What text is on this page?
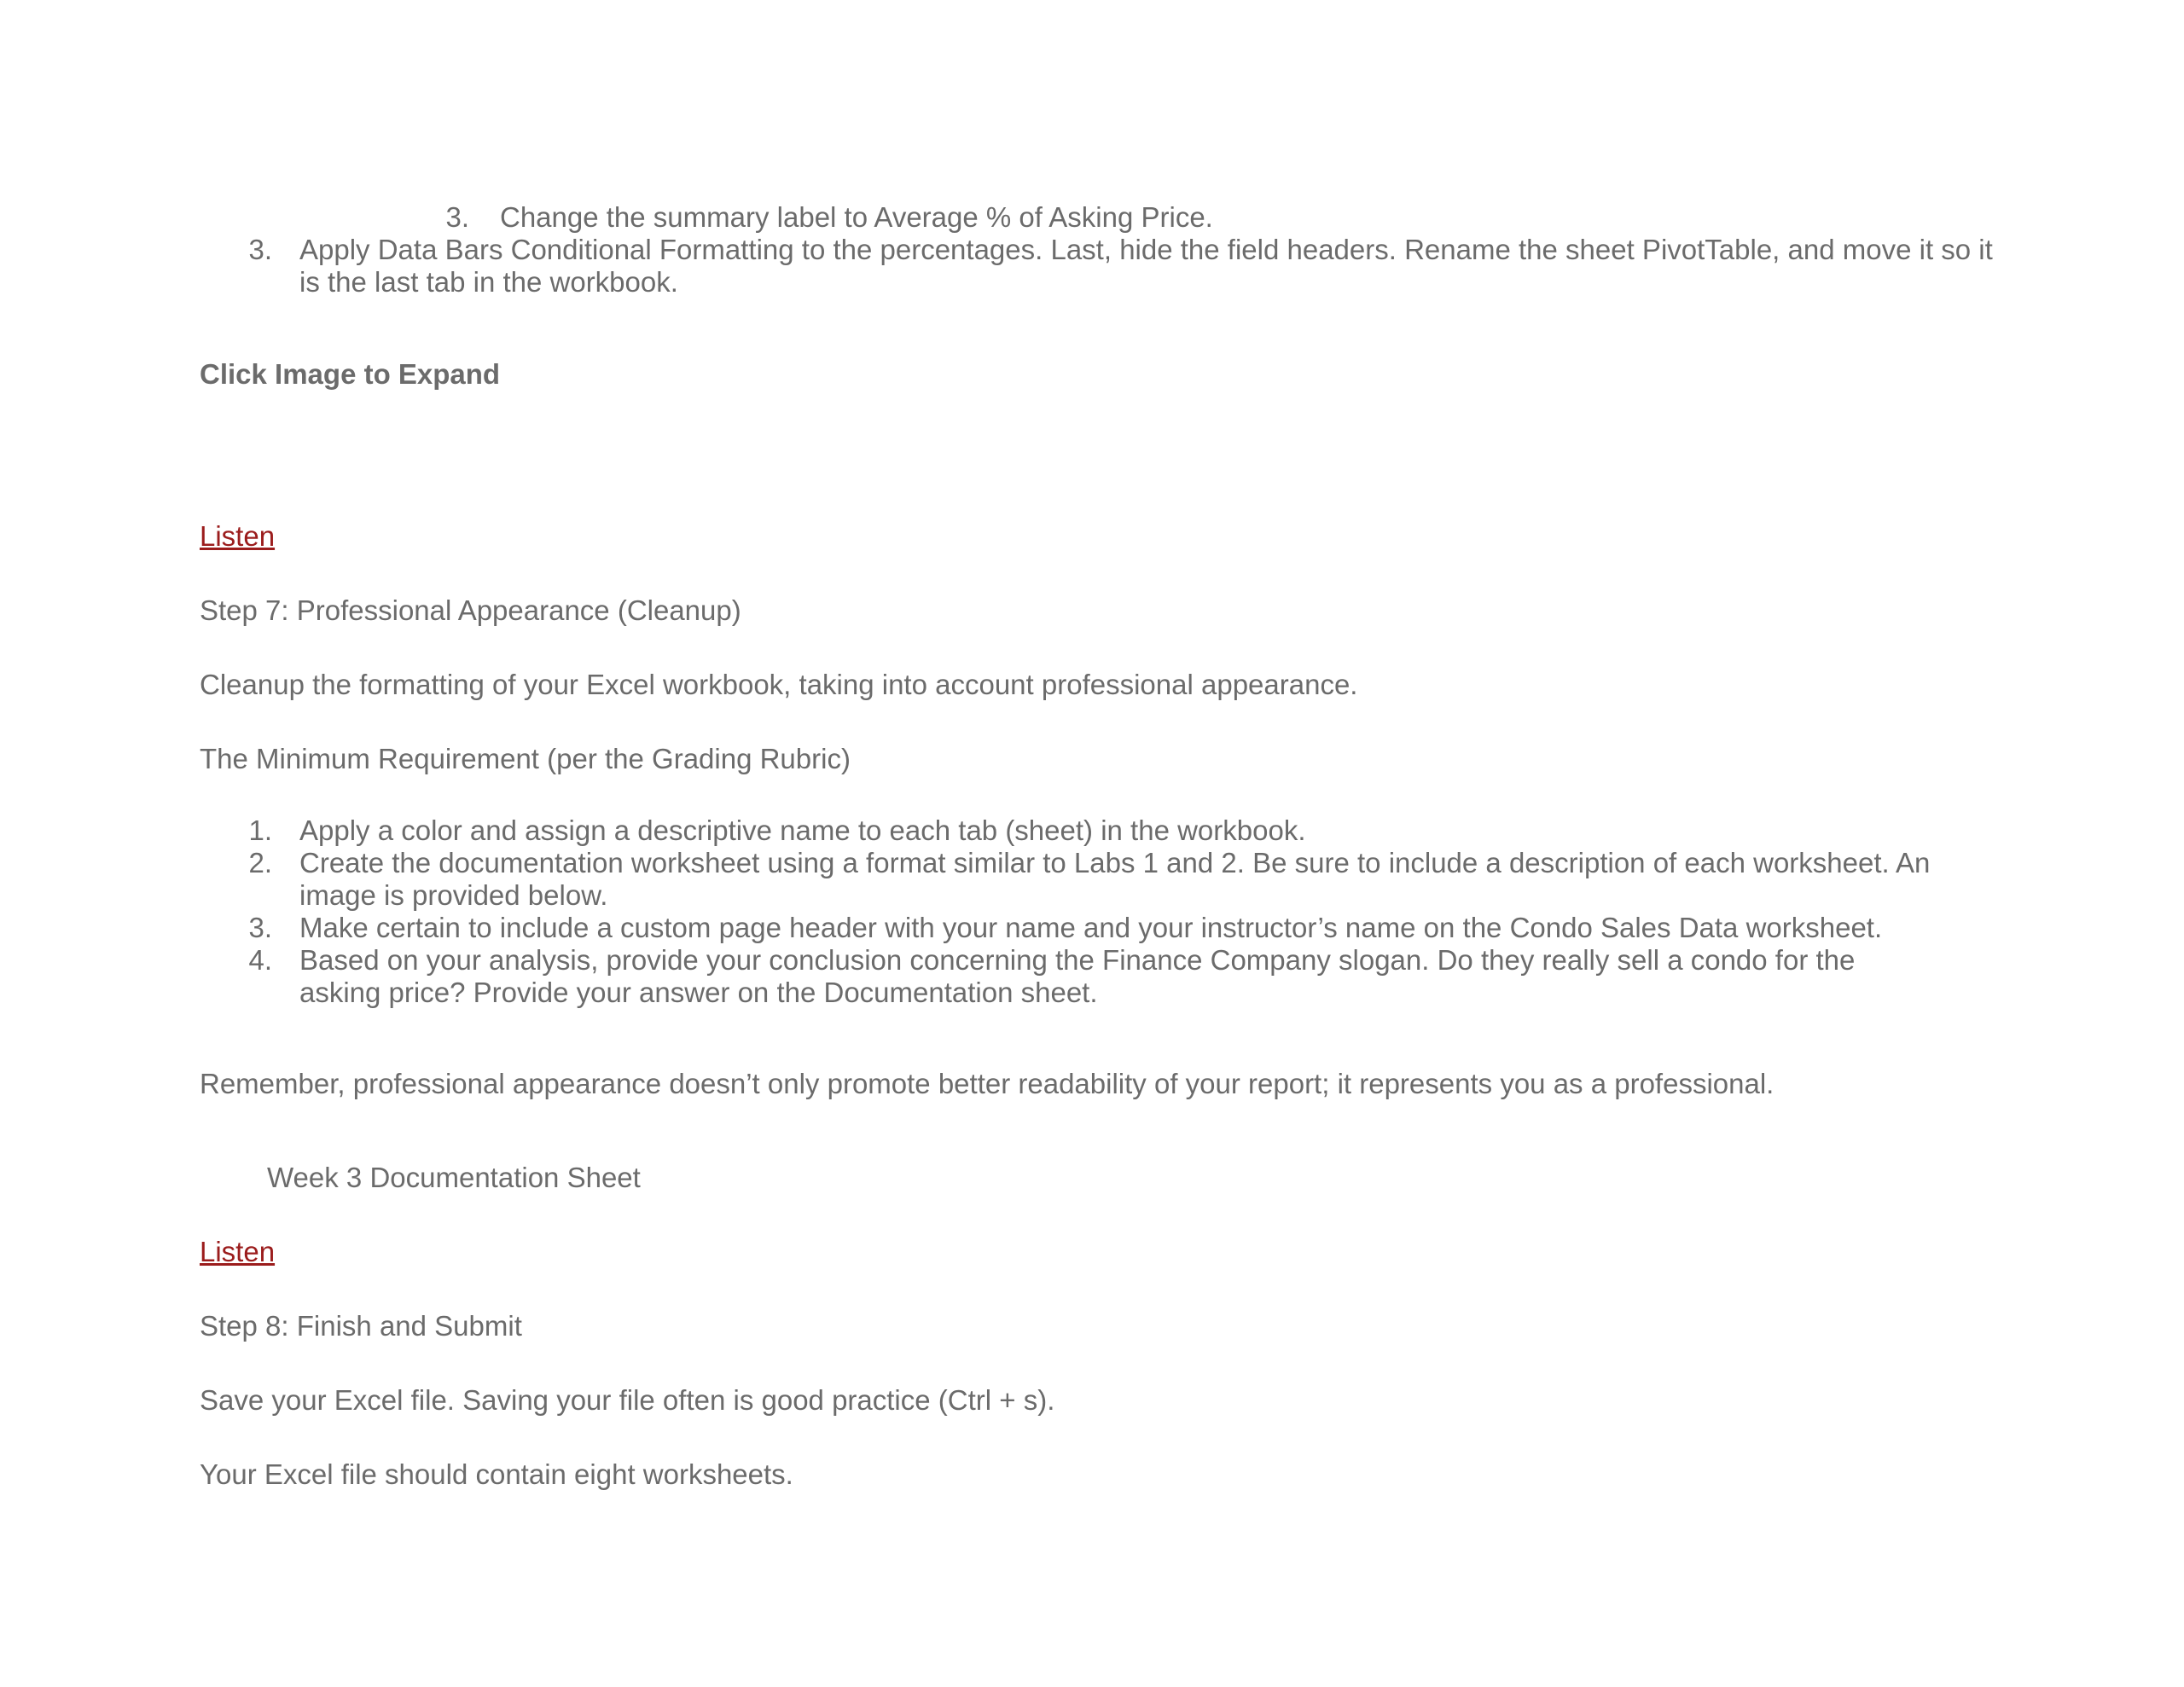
3. Change the summary label to Average % of Asking Price.
3. Apply Data Bars Conditional Formatting to the percentages. Last, hide the field headers. Rename the sheet PivotTable, and move it so it is the last tab in the workbook.
Click Image to Expand
Listen
Step 7: Professional Appearance (Cleanup)
Cleanup the formatting of your Excel workbook, taking into account professional appearance.
The Minimum Requirement (per the Grading Rubric)
1. Apply a color and assign a descriptive name to each tab (sheet) in the workbook.
2. Create the documentation worksheet using a format similar to Labs 1 and 2. Be sure to include a description of each worksheet. An image is provided below.
3. Make certain to include a custom page header with your name and your instructor’s name on the Condo Sales Data worksheet.
4. Based on your analysis, provide your conclusion concerning the Finance Company slogan. Do they really sell a condo for the asking price? Provide your answer on the Documentation sheet.
Remember, professional appearance doesn’t only promote better readability of your report; it represents you as a professional.
Week 3 Documentation Sheet
Listen
Step 8: Finish and Submit
Save your Excel file. Saving your file often is good practice (Ctrl + s).
Your Excel file should contain eight worksheets.
